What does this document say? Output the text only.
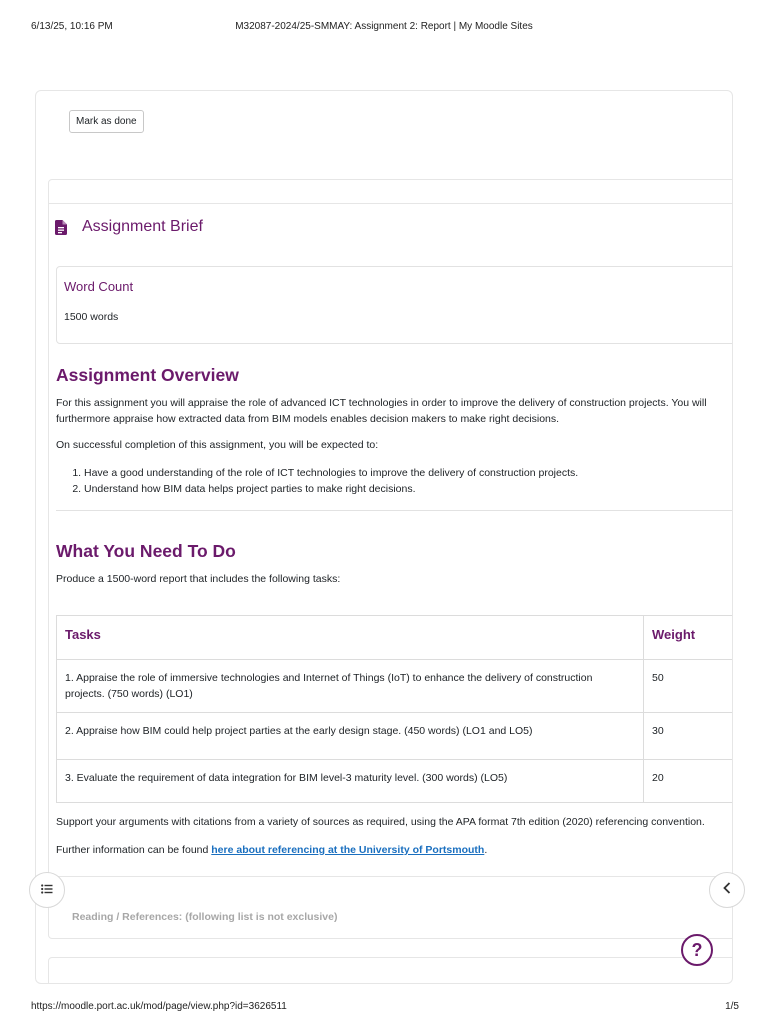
6/13/25, 10:16 PM	M32087-2024/25-SMMAY: Assignment 2: Report | My Moodle Sites
Mark as done
Assignment Brief
Word Count
1500 words
Assignment Overview

For this assignment you will appraise the role of advanced ICT technologies in order to improve the delivery of construction projects. You will furthermore appraise how extracted data from BIM models enables decision makers to make right decisions.

On successful completion of this assignment, you will be expected to:

1. Have a good understanding of the role of ICT technologies to improve the delivery of construction projects.
2. Understand how BIM data helps project parties to make right decisions.
What You Need To Do

Produce a 1500-word report that includes the following tasks:

Tasks	Weight
1. Appraise the role of immersive technologies and Internet of Things (IoT) to enhance the delivery of construction projects. (750 words) (LO1)	50
2. Appraise how BIM could help project parties at the early design stage. (450 words) (LO1 and LO5)	30
3. Evaluate the requirement of data integration for BIM level-3 maturity level. (300 words) (LO5)	20

Support your arguments with citations from a variety of sources as required, using the APA format 7th edition (2020) referencing convention.

Further information can be found here about referencing at the University of Portsmouth.

Reading / References: (following list is not exclusive)
?
https://moodle.port.ac.uk/mod/page/view.php?id=3626511	1/5
